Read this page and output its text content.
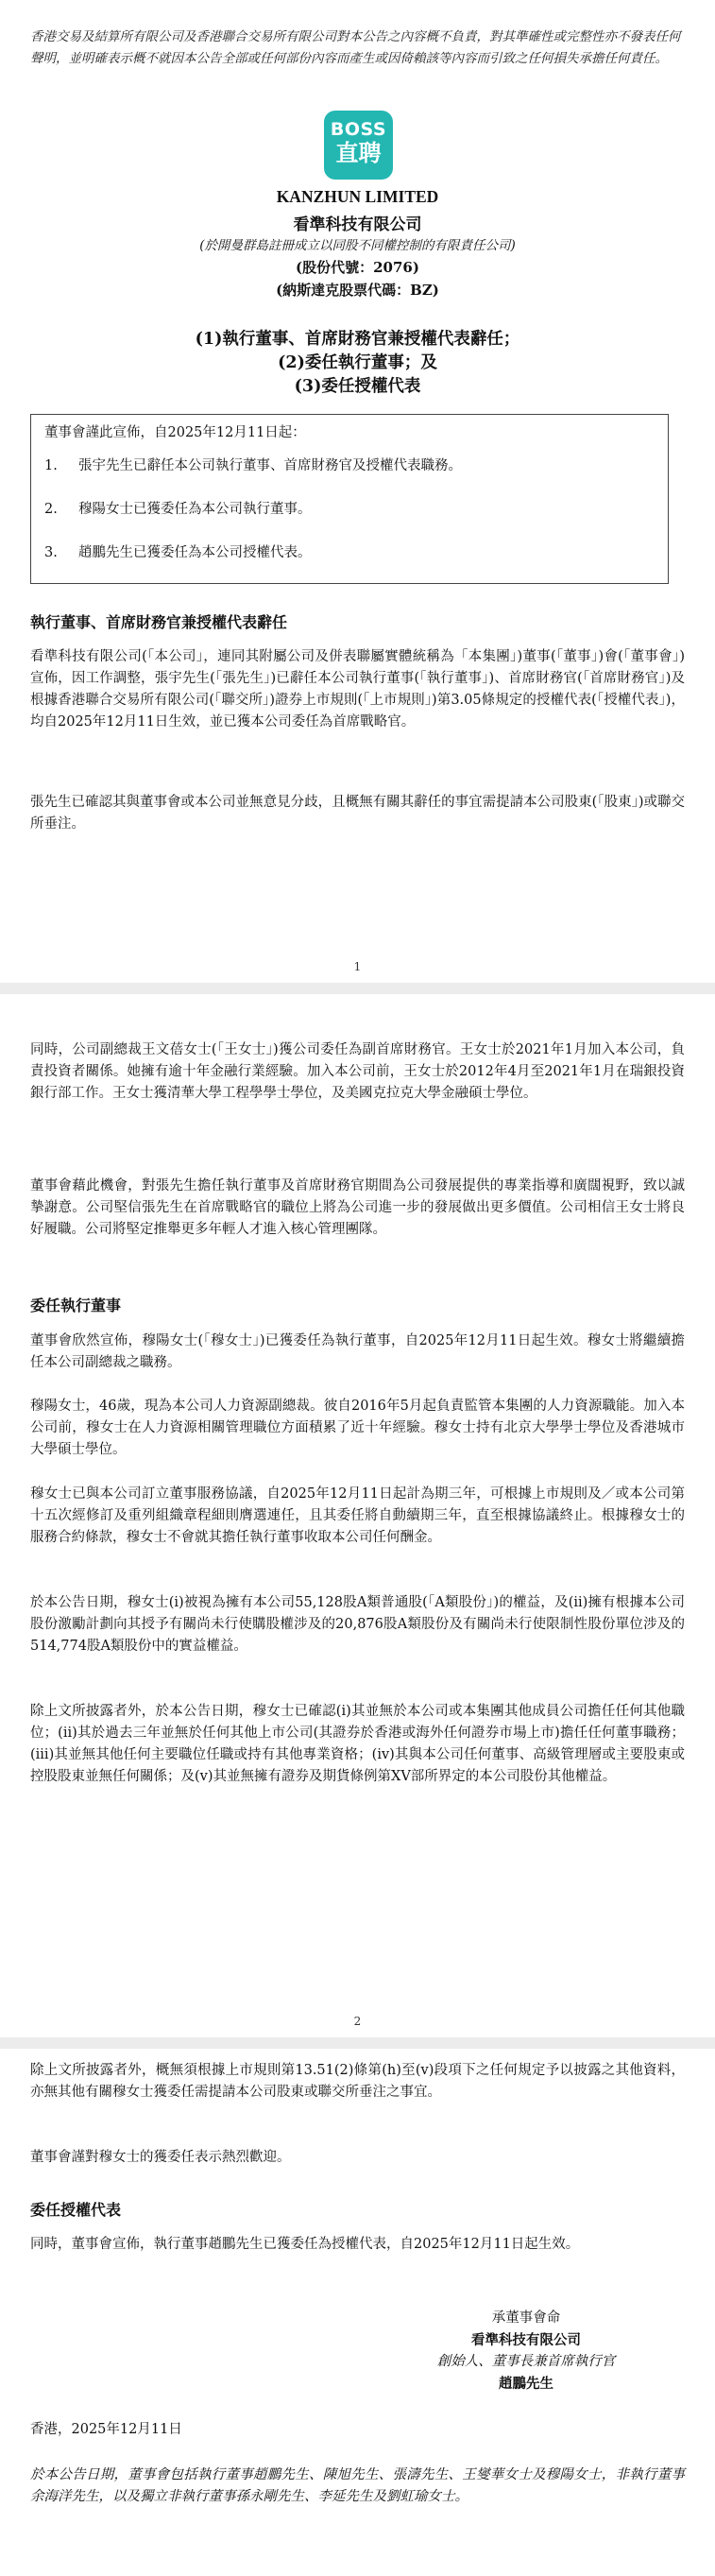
香港交易及結算所有限公司及香港聯合交易所有限公司對本公告之內容概不負責，對其準確性或完整性亦不發表任何聲明，並明確表示概不就因本公告全部或任何部份內容而產生或因倚賴該等內容而引致之任何損失承擔任何責任。

BOSS
直聘
KANZHUN LIMITED
看準科技有限公司
(於開曼群島註冊成立以同股不同權控制的有限責任公司)
(股份代號：2076)
(納斯達克股票代碼：BZ)
(1)執行董事、首席財務官兼授權代表辭任；
(2)委任執行董事；及
(3)委任授權代表

董事會謹此宣佈，自2025年12月11日起：

1.	張宇先生已辭任本公司執行董事、首席財務官及授權代表職務。
2.	穆陽女士已獲委任為本公司執行董事。
3.	趙鵬先生已獲委任為本公司授權代表。
執行董事、首席財務官兼授權代表辭任

看準科技有限公司(「本公司」，連同其附屬公司及併表聯屬實體統稱為「本集團」)董事(「董事」)會(「董事會」)宣佈，因工作調整，張宇先生(「張先生」)已辭任本公司執行董事(「執行董事」)、首席財務官(「首席財務官」)及根據香港聯合交易所有限公司(「聯交所」)證券上市規則(「上市規則」)第3.05條規定的授權代表(「授權代表」)，均自2025年12月11日生效，並已獲本公司委任為首席戰略官。

張先生已確認其與董事會或本公司並無意見分歧，且概無有關其辭任的事宜需提請本公司股東(「股東」)或聯交所垂注。

1

同時，公司副總裁王文蓓女士(「王女士」)獲公司委任為副首席財務官。王女士於2021年1月加入本公司，負責投資者關係。她擁有逾十年金融行業經驗。加入本公司前，王女士於2012年4月至2021年1月在瑞銀投資銀行部工作。王女士獲清華大學工程學學士學位，及美國克拉克大學金融碩士學位。

董事會藉此機會，對張先生擔任執行董事及首席財務官期間為公司發展提供的專業指導和廣闊視野，致以誠摯謝意。公司堅信張先生在首席戰略官的職位上將為公司進一步的發展做出更多價值。公司相信王女士將良好履職。公司將堅定推舉更多年輕人才進入核心管理團隊。

委任執行董事

董事會欣然宣佈，穆陽女士(「穆女士」)已獲委任為執行董事，自2025年12月11日起生效。穆女士將繼續擔任本公司副總裁之職務。

穆陽女士，46歲，現為本公司人力資源副總裁。彼自2016年5月起負責監管本集團的人力資源職能。加入本公司前，穆女士在人力資源相關管理職位方面積累了近十年經驗。穆女士持有北京大學學士學位及香港城市大學碩士學位。

穆女士已與本公司訂立董事服務協議，自2025年12月11日起計為期三年，可根據上市規則及／或本公司第十五次經修訂及重列組織章程細則膺選連任，且其委任將自動續期三年，直至根據協議終止。根據穆女士的服務合約條款，穆女士不會就其擔任執行董事收取本公司任何酬金。

於本公告日期，穆女士(i)被視為擁有本公司55,128股A類普通股(「A類股份」)的權益，及(ii)擁有根據本公司股份激勵計劃向其授予有關尚未行使購股權涉及的20,876股A類股份及有關尚未行使限制性股份單位涉及的514,774股A類股份中的實益權益。

除上文所披露者外，於本公告日期，穆女士已確認(i)其並無於本公司或本集團其他成員公司擔任任何其他職位；(ii)其於過去三年並無於任何其他上市公司(其證券於香港或海外任何證券市場上市)擔任任何董事職務；(iii)其並無其他任何主要職位任職或持有其他專業資格；(iv)其與本公司任何董事、高級管理層或主要股東或控股股東並無任何關係；及(v)其並無擁有證券及期貨條例第XV部所界定的本公司股份其他權益。

2

除上文所披露者外，概無須根據上市規則第13.51(2)條第(h)至(v)段項下之任何規定予以披露之其他資料，亦無其他有關穆女士獲委任需提請本公司股東或聯交所垂注之事宜。

董事會謹對穆女士的獲委任表示熱烈歡迎。

委任授權代表

同時，董事會宣佈，執行董事趙鵬先生已獲委任為授權代表，自2025年12月11日起生效。

承董事會命

看準科技有限公司

創始人、董事長兼首席執行官

趙鵬先生

香港，2025年12月11日

於本公告日期，董事會包括執行董事趙鵬先生、陳旭先生、張濤先生、王燮華女士及穆陽女士，非執行董事余海洋先生，以及獨立非執行董事孫永剛先生、李延先生及劉虹瑜女士。
